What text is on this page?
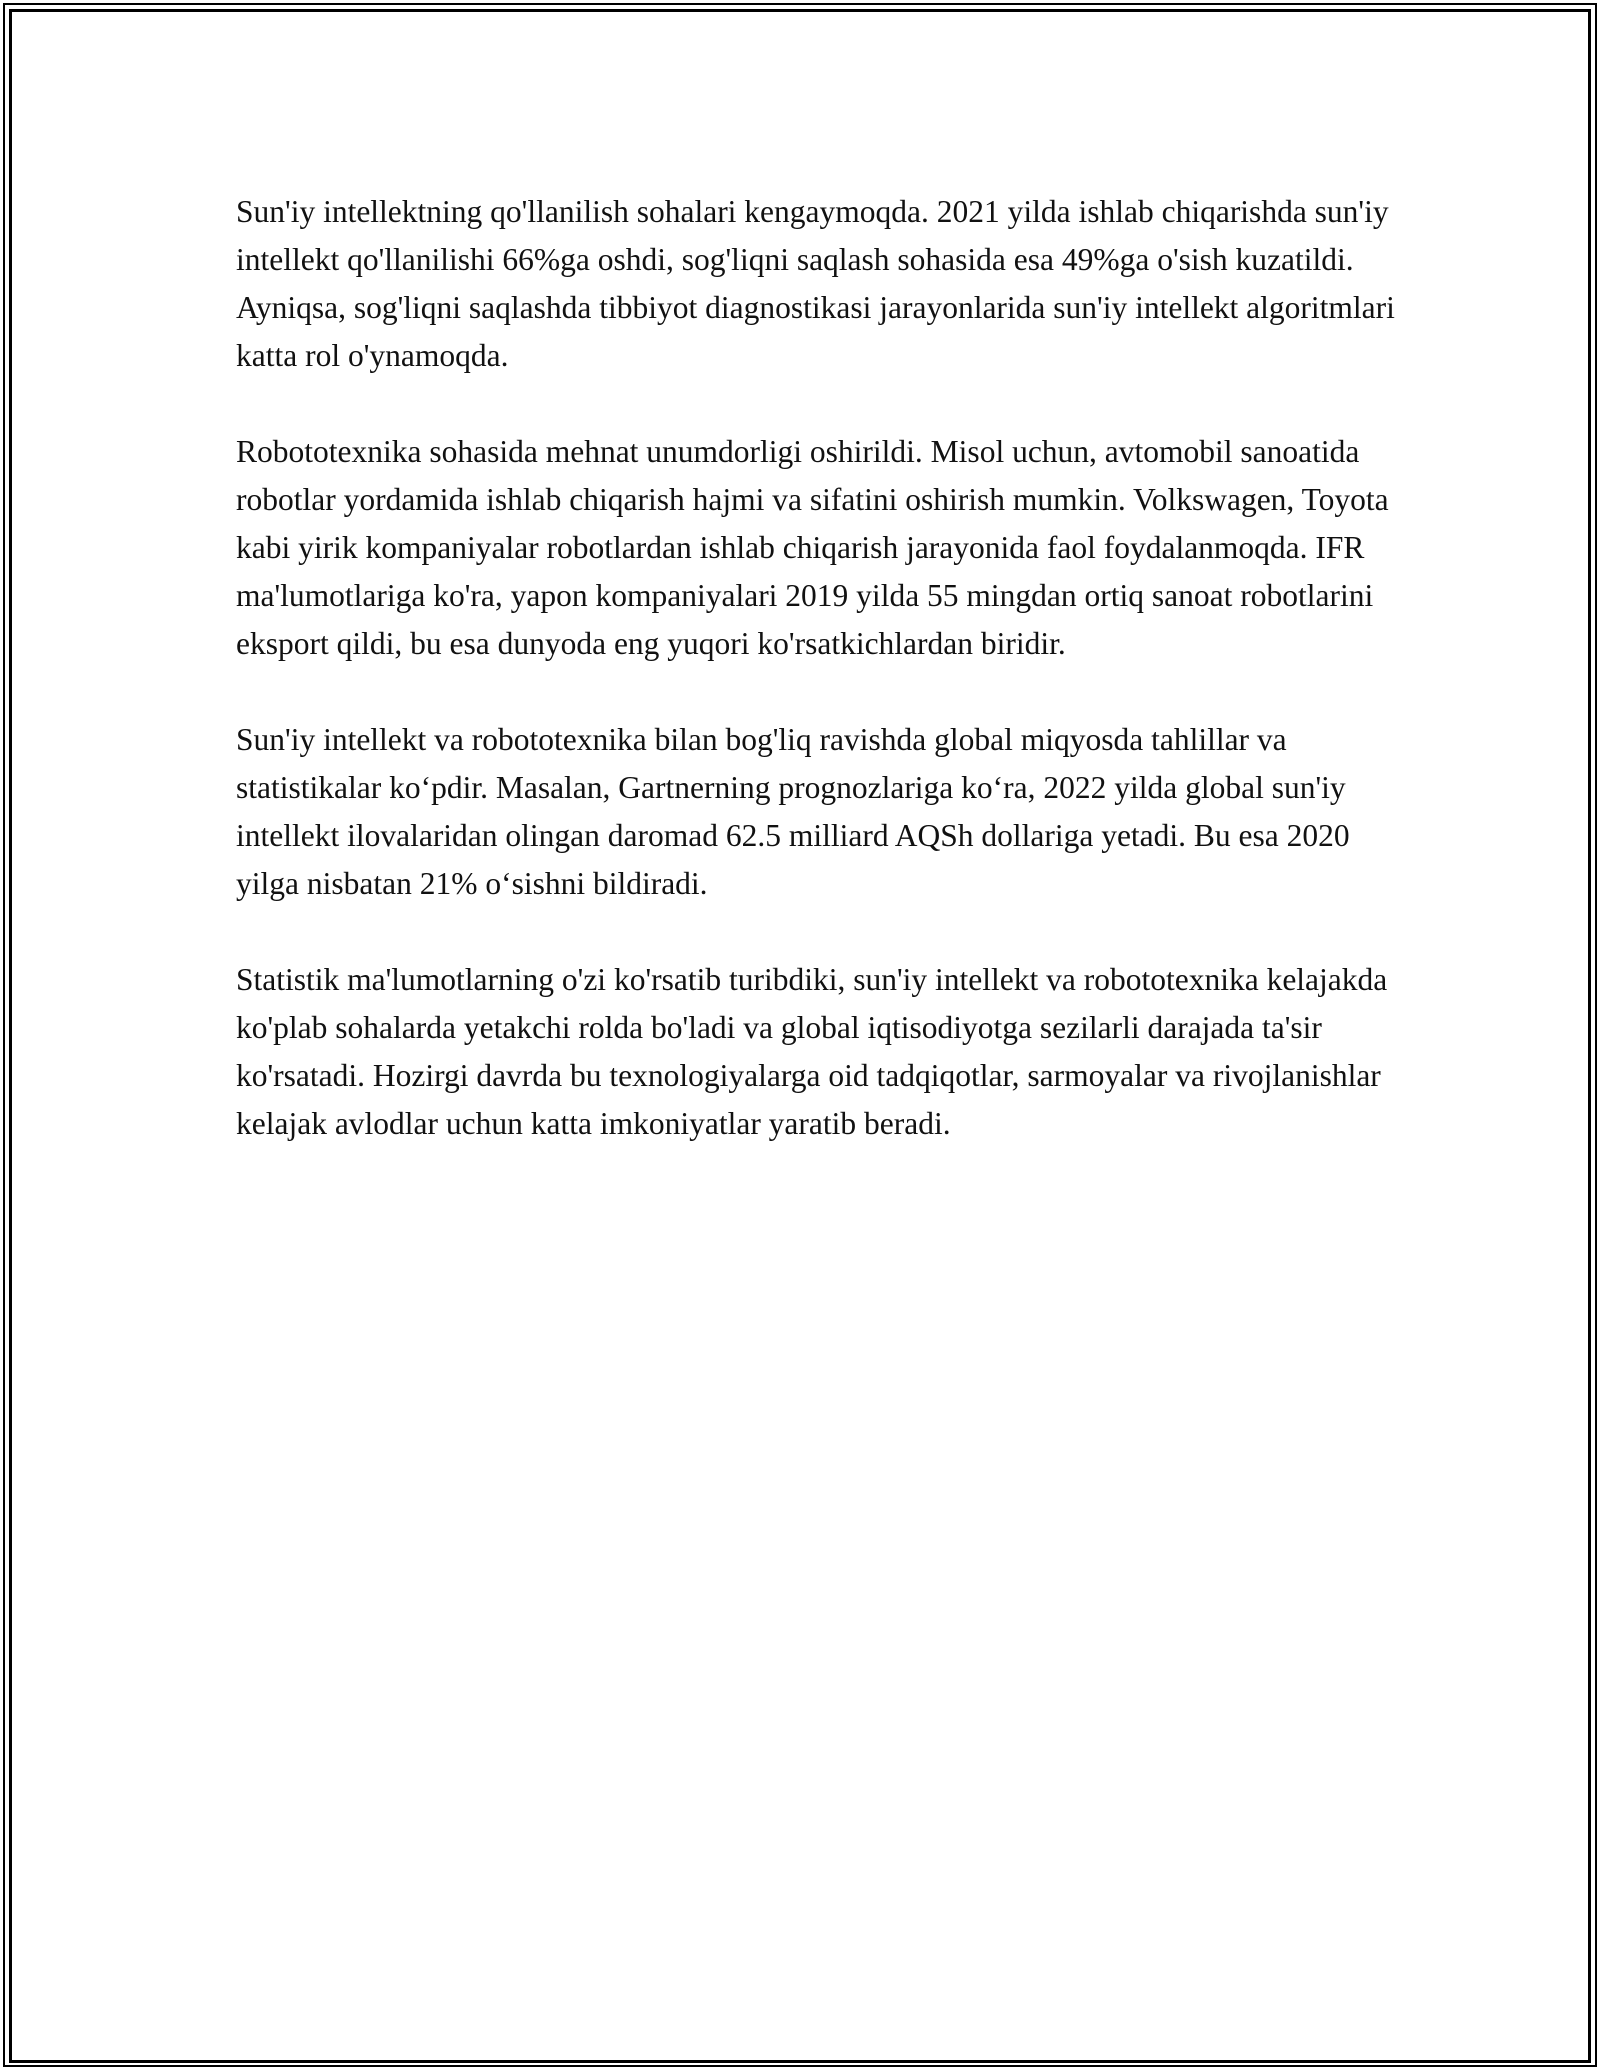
Sun'iy intellektning qo'llanilish sohalari kengaymoqda. 2021 yilda ishlab chiqarishda sun'iy intellekt qo'llanilishi 66%ga oshdi, sog'liqni saqlash sohasida esa 49%ga o'sish kuzatildi. Ayniqsa, sog'liqni saqlashda tibbiyot diagnostikasi jarayonlarida sun'iy intellekt algoritmlari katta rol o'ynamoqda.

Robototexnika sohasida mehnat unumdorligi oshirildi. Misol uchun, avtomobil sanoatida robotlar yordamida ishlab chiqarish hajmi va sifatini oshirish mumkin. Volkswagen, Toyota kabi yirik kompaniyalar robotlardan ishlab chiqarish jarayonida faol foydalanmoqda. IFR ma'lumotlariga ko'ra, yapon kompaniyalari 2019 yilda 55 mingdan ortiq sanoat robotlarini eksport qildi, bu esa dunyoda eng yuqori ko'rsatkichlardan biridir.

Sun'iy intellekt va robototexnika bilan bog'liq ravishda global miqyosda tahlillar va statistikalar ko‘pdir. Masalan, Gartnerning prognozlariga ko‘ra, 2022 yilda global sun'iy intellekt ilovalaridan olingan daromad 62.5 milliard AQSh dollariga yetadi. Bu esa 2020 yilga nisbatan 21% o‘sishni bildiradi.

Statistik ma'lumotlarning o'zi ko'rsatib turibdiki, sun'iy intellekt va robototexnika kelajakda ko'plab sohalarda yetakchi rolda bo'ladi va global iqtisodiyotga sezilarli darajada ta'sir ko'rsatadi. Hozirgi davrda bu texnologiyalarga oid tadqiqotlar, sarmoyalar va rivojlanishlar kelajak avlodlar uchun katta imkoniyatlar yaratib beradi.
